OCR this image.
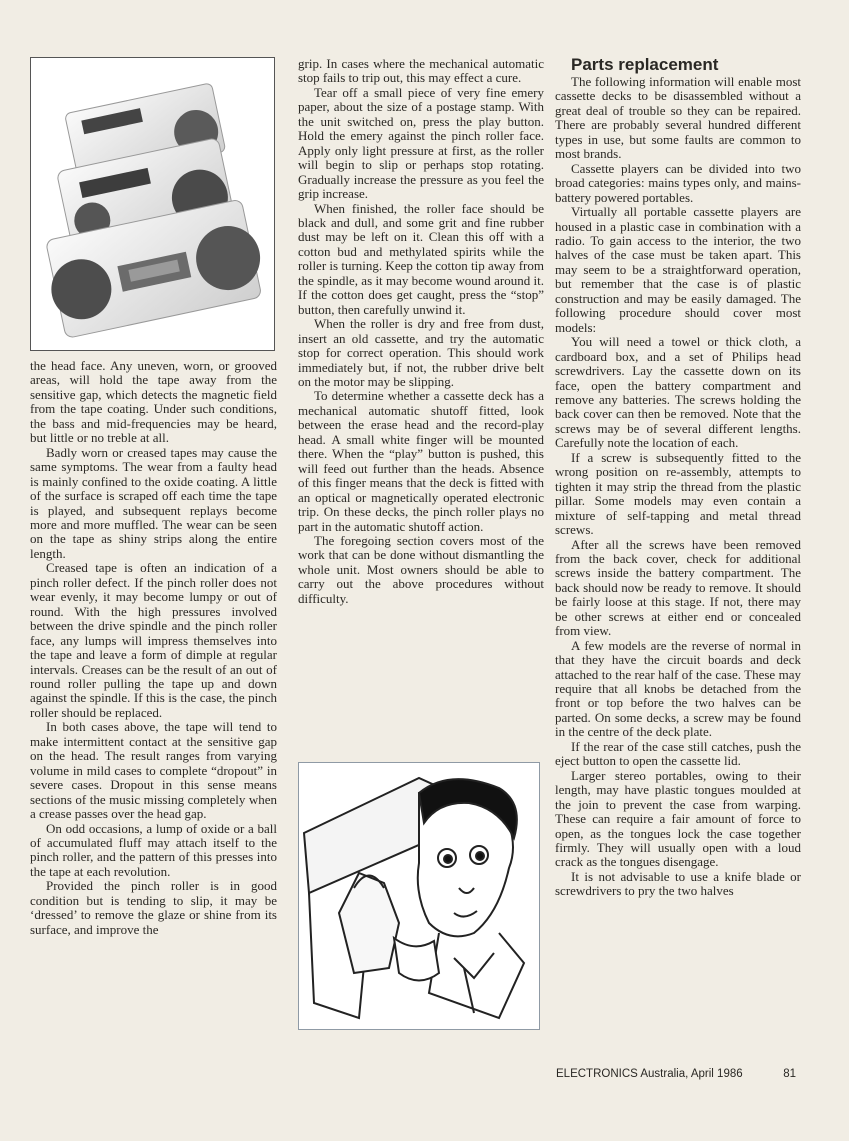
the head face. Any uneven, worn, or grooved areas, will hold the tape away from the sensitive gap, which detects the magnetic field from the tape coating. Under such conditions, the bass and mid-frequencies may be heard, but little or no treble at all.

Badly worn or creased tapes may cause the same symptoms. The wear from a faulty head is mainly confined to the oxide coating. A little of the surface is scraped off each time the tape is played, and subsequent replays become more and more muffled. The wear can be seen on the tape as shiny strips along the entire length.

Creased tape is often an indication of a pinch roller defect. If the pinch roller does not wear evenly, it may become lumpy or out of round. With the high pressures involved between the drive spindle and the pinch roller face, any lumps will impress themselves into the tape and leave a form of dimple at regular intervals. Creases can be the result of an out of round roller pulling the tape up and down against the spindle. If this is the case, the pinch roller should be replaced.

In both cases above, the tape will tend to make intermittent contact at the sensitive gap on the head. The result ranges from varying volume in mild cases to complete “dropout” in severe cases. Dropout in this sense means sections of the music missing completely when a crease passes over the head gap.

On odd occasions, a lump of oxide or a ball of accumulated fluff may attach itself to the pinch roller, and the pattern of this presses into the tape at each revolution.

Provided the pinch roller is in good condition but is tending to slip, it may be ‘dressed’ to remove the glaze or shine from its surface, and improve the

grip. In cases where the mechanical automatic stop fails to trip out, this may effect a cure.

Tear off a small piece of very fine emery paper, about the size of a postage stamp. With the unit switched on, press the play button. Hold the emery against the pinch roller face. Apply only light pressure at first, as the roller will begin to slip or perhaps stop rotating. Gradually increase the pressure as you feel the grip increase.

When finished, the roller face should be black and dull, and some grit and fine rubber dust may be left on it. Clean this off with a cotton bud and methylated spirits while the roller is turning. Keep the cotton tip away from the spindle, as it may become wound around it. If the cotton does get caught, press the “stop” button, then carefully unwind it.

When the roller is dry and free from dust, insert an old cassette, and try the automatic stop for correct operation. This should work immediately but, if not, the rubber drive belt on the motor may be slipping.

To determine whether a cassette deck has a mechanical automatic shutoff fitted, look between the erase head and the record-play head. A small white finger will be mounted there. When the “play” button is pushed, this will feed out further than the heads. Absence of this finger means that the deck is fitted with an optical or magnetically operated electronic trip. On these decks, the pinch roller plays no part in the automatic shutoff action.

The foregoing section covers most of the work that can be done without dismantling the whole unit. Most owners should be able to carry out the above procedures without difficulty.

Parts replacement

The following information will enable most cassette decks to be disassembled without a great deal of trouble so they can be repaired. There are probably several hundred different types in use, but some faults are common to most brands.

Cassette players can be divided into two broad categories: mains types only, and mains-battery powered portables.

Virtually all portable cassette players are housed in a plastic case in combination with a radio. To gain access to the interior, the two halves of the case must be taken apart. This may seem to be a straightforward operation, but remember that the case is of plastic construction and may be easily damaged. The following procedure should cover most models:

You will need a towel or thick cloth, a cardboard box, and a set of Philips head screwdrivers. Lay the cassette down on its face, open the battery compartment and remove any batteries. The screws holding the back cover can then be removed. Note that the screws may be of several different lengths. Carefully note the location of each.

If a screw is subsequently fitted to the wrong position on re-assembly, attempts to tighten it may strip the thread from the plastic pillar. Some models may even contain a mixture of self-tapping and metal thread screws.

After all the screws have been removed from the back cover, check for additional screws inside the battery compartment. The back should now be ready to remove. It should be fairly loose at this stage. If not, there may be other screws at either end or concealed from view.

A few models are the reverse of normal in that they have the circuit boards and deck attached to the rear half of the case. These may require that all knobs be detached from the front or top before the two halves can be parted. On some decks, a screw may be found in the centre of the deck plate.

If the rear of the case still catches, push the eject button to open the cassette lid.

Larger stereo portables, owing to their length, may have plastic tongues moulded at the join to prevent the case from warping. These can require a fair amount of force to open, as the tongues lock the case together firmly. They will usually open with a loud crack as the tongues disengage.

It is not advisable to use a knife blade or screwdrivers to pry the two halves

ELECTRONICS Australia, April 1986	81
